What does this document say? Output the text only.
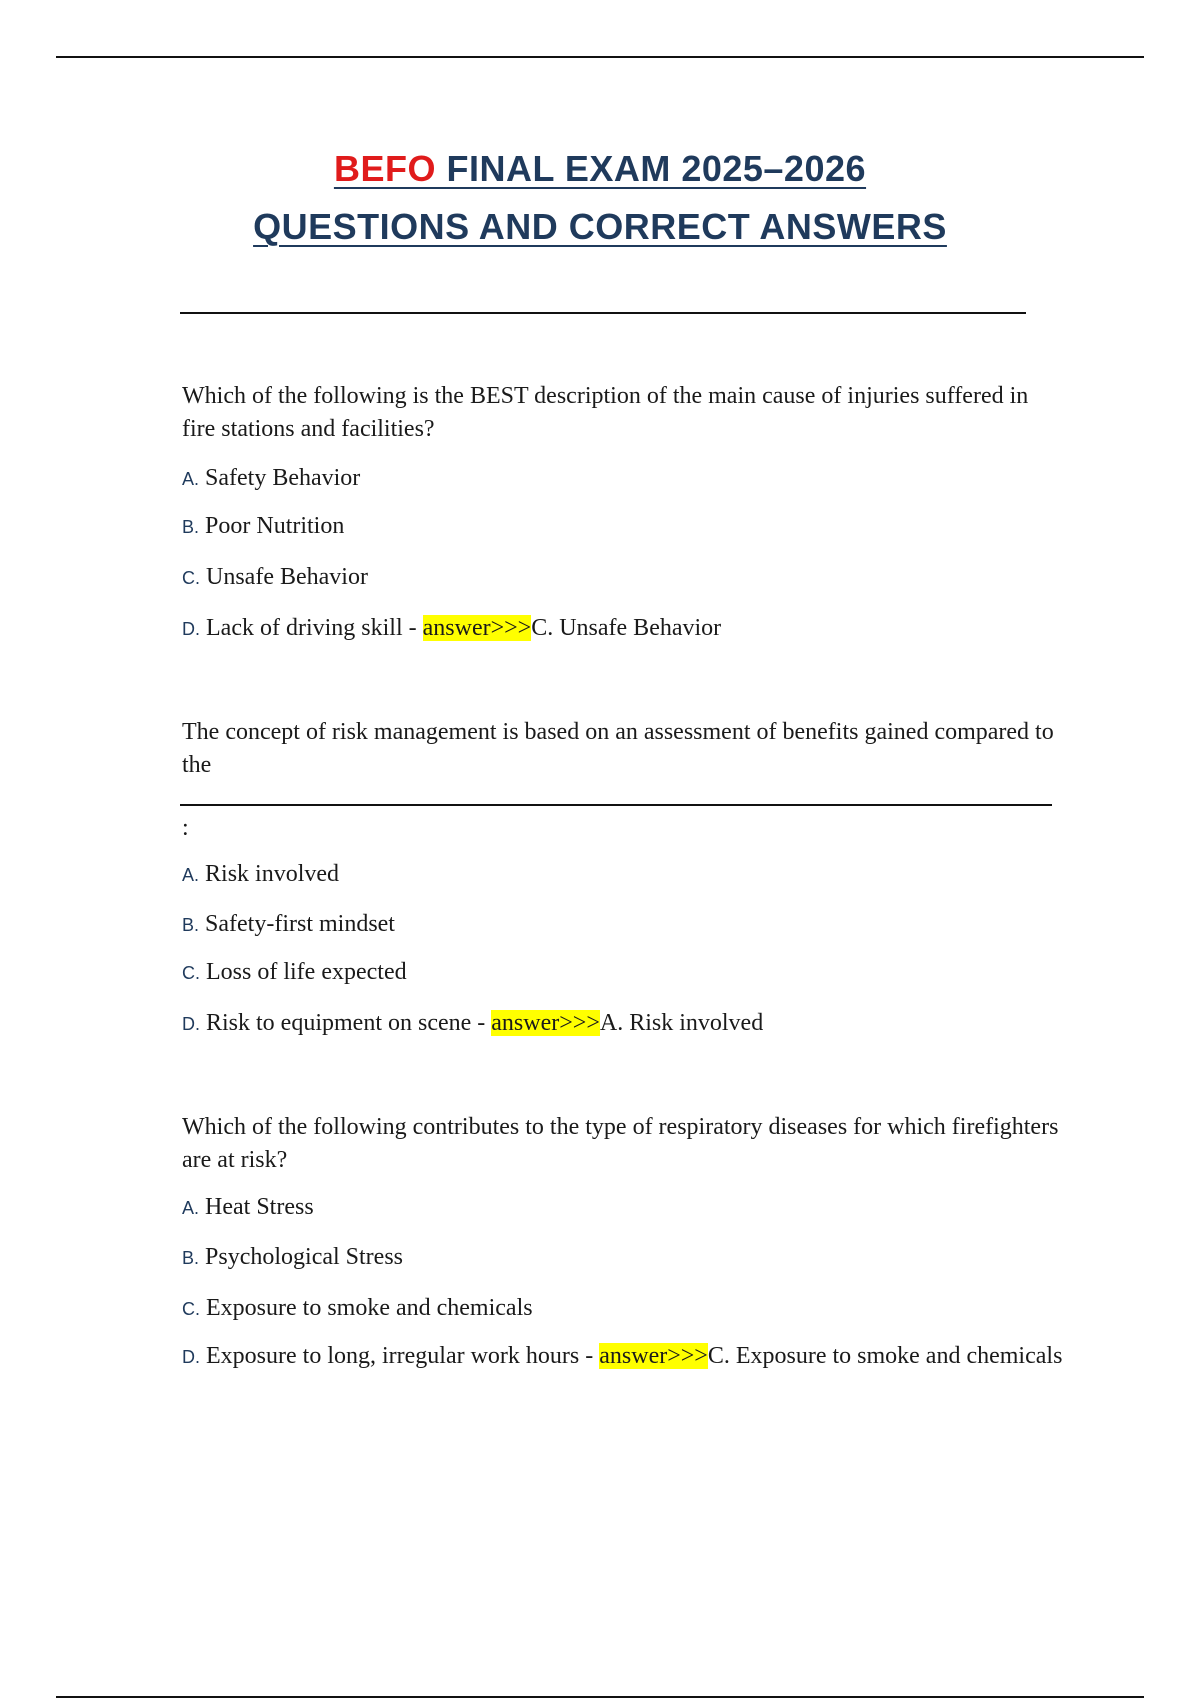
BEFO FINAL EXAM 2025–2026
QUESTIONS AND CORRECT ANSWERS
Which of the following is the BEST description of the main cause of injuries suffered in fire stations and facilities?
A. Safety Behavior
B. Poor Nutrition
C. Unsafe Behavior
D. Lack of driving skill - answer>>>C. Unsafe Behavior
The concept of risk management is based on an assessment of benefits gained compared to the
:
A. Risk involved
B. Safety-first mindset
C. Loss of life expected
D. Risk to equipment on scene - answer>>>A. Risk involved
Which of the following contributes to the type of respiratory diseases for which firefighters are at risk?
A. Heat Stress
B. Psychological Stress
C. Exposure to smoke and chemicals
D. Exposure to long, irregular work hours - answer>>>C. Exposure to smoke and chemicals
